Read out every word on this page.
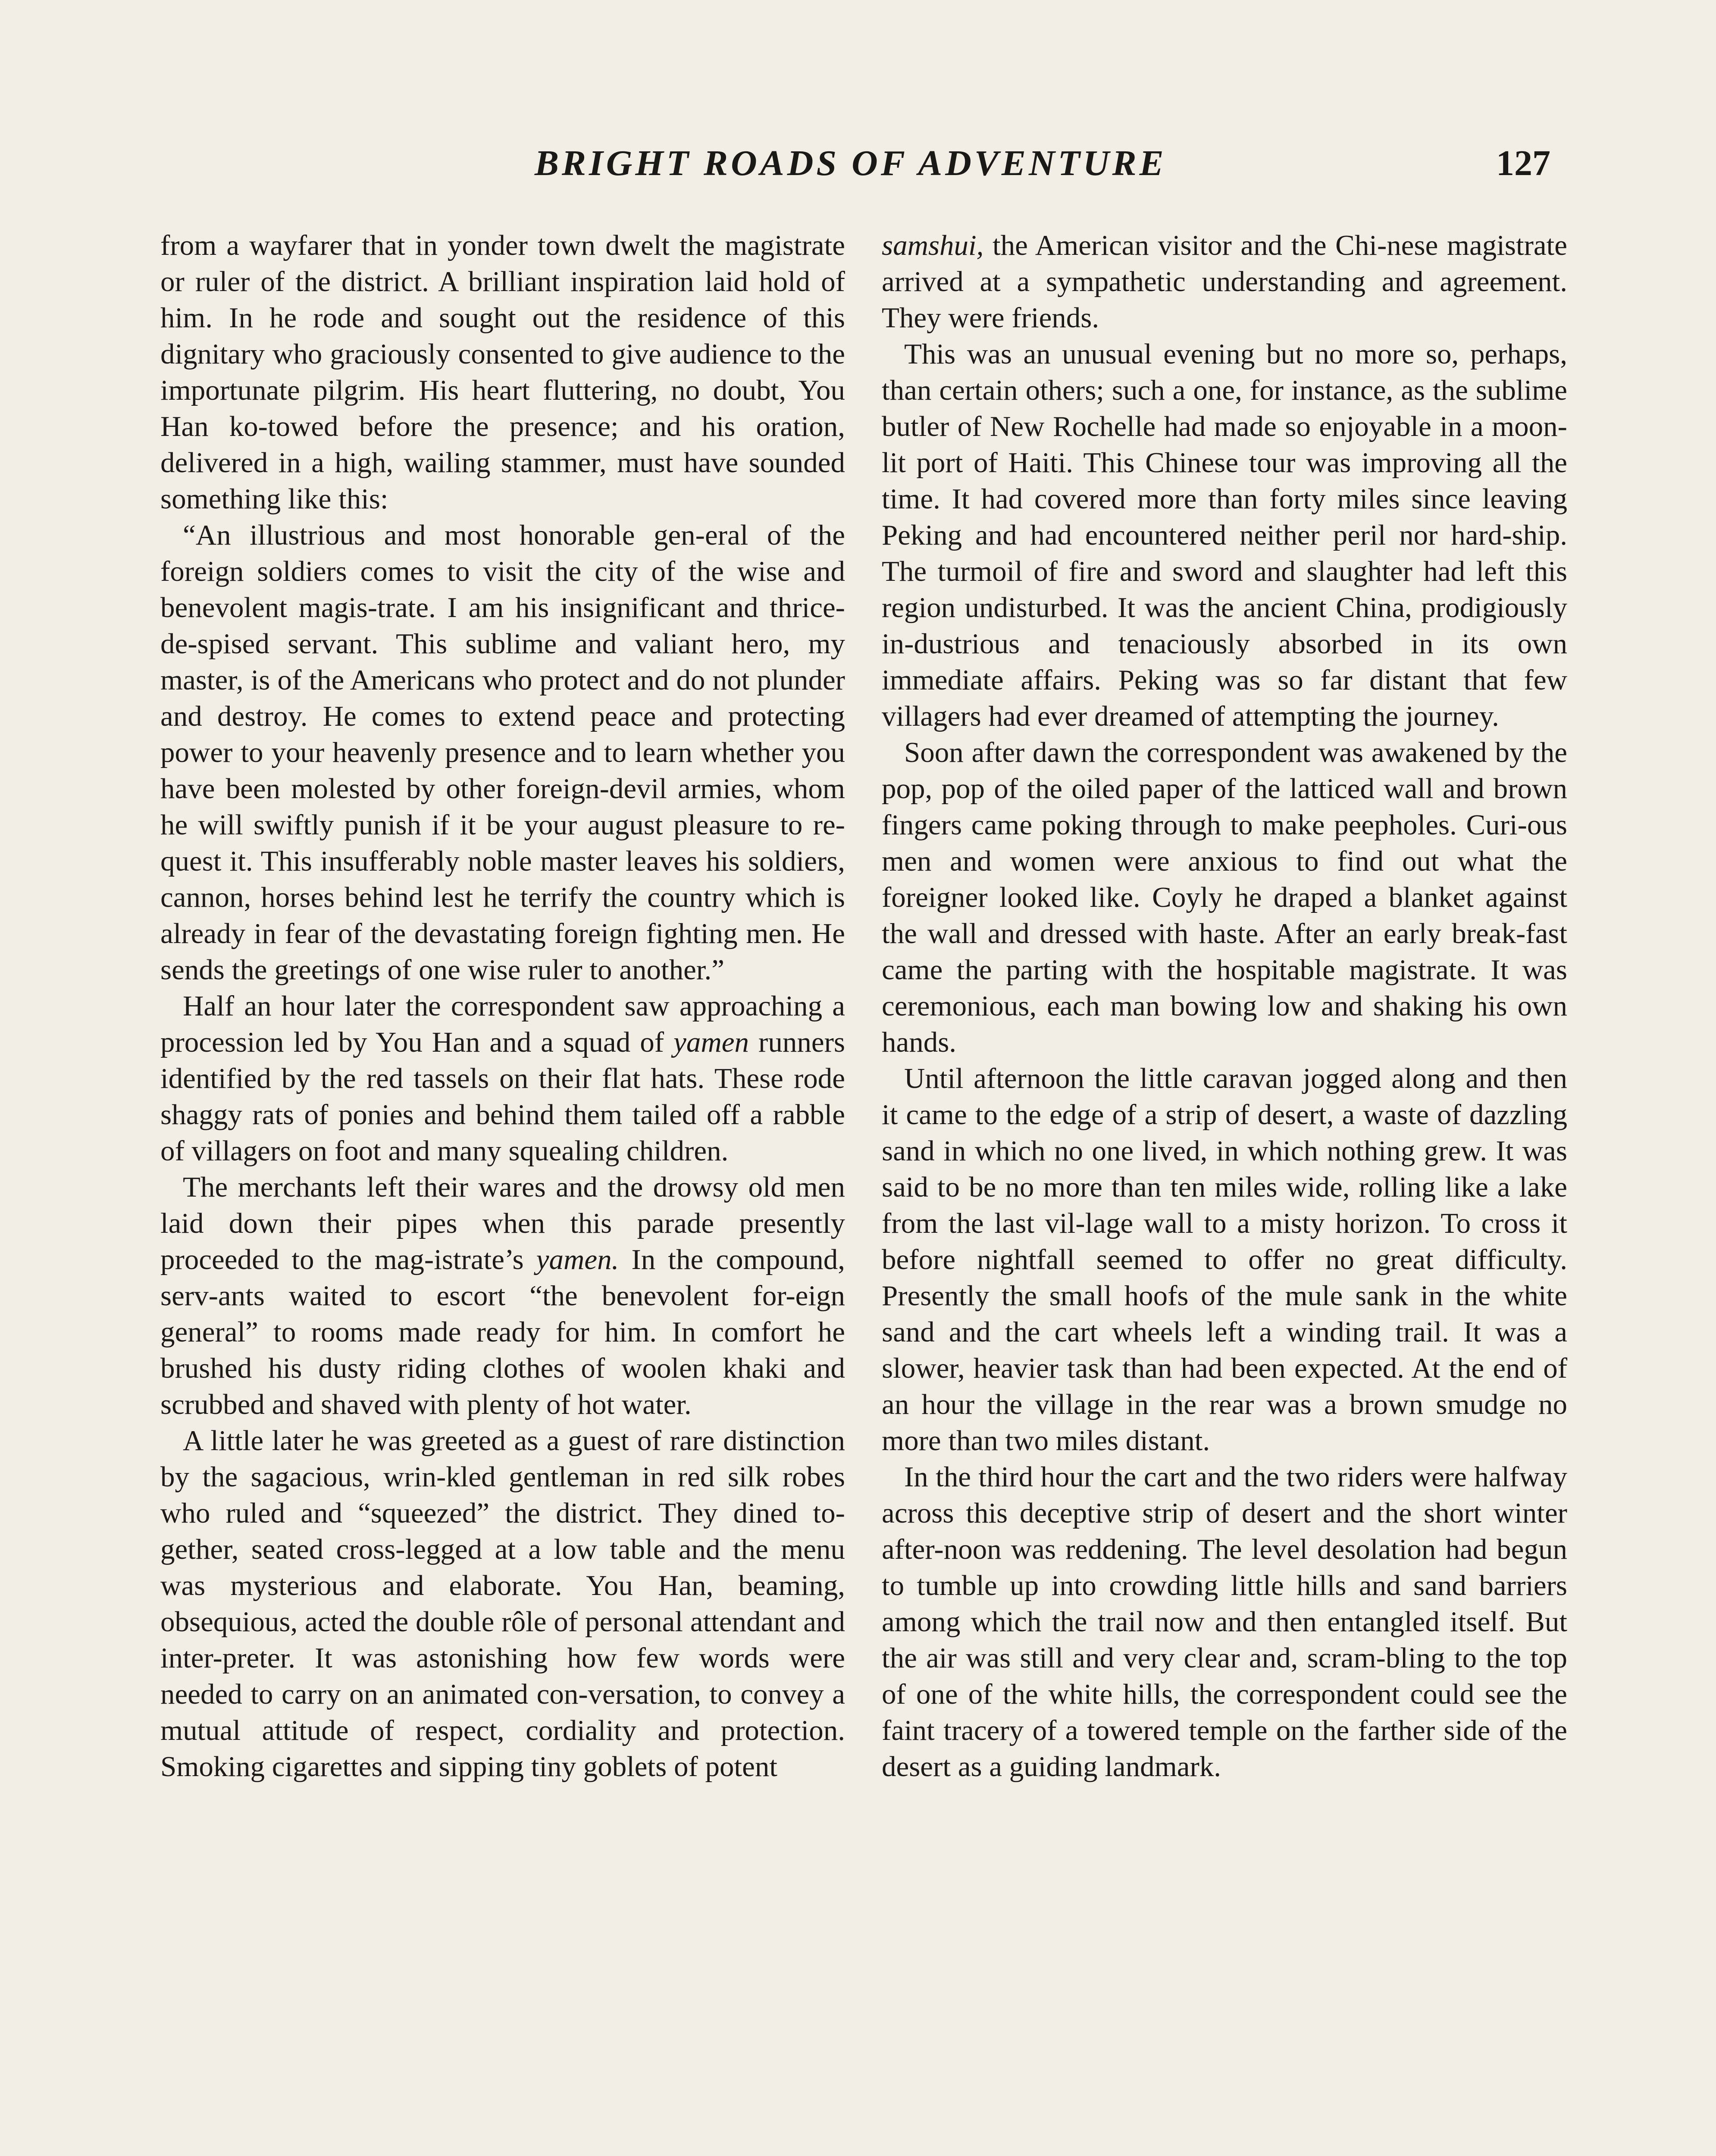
BRIGHT ROADS OF ADVENTURE	127

from a wayfarer that in yonder town dwelt the magistrate or ruler of the district. A brilliant inspiration laid hold of him. In he rode and sought out the residence of this dignitary who graciously consented to give audience to the importunate pilgrim. His heart fluttering, no doubt, You Han ko-towed before the presence; and his oration, delivered in a high, wailing stammer, must have sounded something like this:

“An illustrious and most honorable gen-eral of the foreign soldiers comes to visit the city of the wise and benevolent magis-trate. I am his insignificant and thrice-de-spised servant. This sublime and valiant hero, my master, is of the Americans who protect and do not plunder and destroy. He comes to extend peace and protecting power to your heavenly presence and to learn whether you have been molested by other foreign-devil armies, whom he will swiftly punish if it be your august pleasure to re-quest it. This insufferably noble master leaves his soldiers, cannon, horses behind lest he terrify the country which is already in fear of the devastating foreign fighting men. He sends the greetings of one wise ruler to another.”

Half an hour later the correspondent saw approaching a procession led by You Han and a squad of yamen runners identified by the red tassels on their flat hats. These rode shaggy rats of ponies and behind them tailed off a rabble of villagers on foot and many squealing children.

The merchants left their wares and the drowsy old men laid down their pipes when this parade presently proceeded to the mag-istrate’s yamen. In the compound, serv-ants waited to escort “the benevolent for-eign general” to rooms made ready for him. In comfort he brushed his dusty riding clothes of woolen khaki and scrubbed and shaved with plenty of hot water.

A little later he was greeted as a guest of rare distinction by the sagacious, wrin-kled gentleman in red silk robes who ruled and “squeezed” the district. They dined to-gether, seated cross-legged at a low table and the menu was mysterious and elaborate. You Han, beaming, obsequious, acted the double rôle of personal attendant and inter-preter. It was astonishing how few words were needed to carry on an animated con-versation, to convey a mutual attitude of respect, cordiality and protection. Smoking cigarettes and sipping tiny goblets of potent

samshui, the American visitor and the Chi-nese magistrate arrived at a sympathetic understanding and agreement. They were friends.

This was an unusual evening but no more so, perhaps, than certain others; such a one, for instance, as the sublime butler of New Rochelle had made so enjoyable in a moon-lit port of Haiti. This Chinese tour was improving all the time. It had covered more than forty miles since leaving Peking and had encountered neither peril nor hard-ship. The turmoil of fire and sword and slaughter had left this region undisturbed. It was the ancient China, prodigiously in-dustrious and tenaciously absorbed in its own immediate affairs. Peking was so far distant that few villagers had ever dreamed of attempting the journey.

Soon after dawn the correspondent was awakened by the pop, pop of the oiled paper of the latticed wall and brown fingers came poking through to make peepholes. Curi-ous men and women were anxious to find out what the foreigner looked like. Coyly he draped a blanket against the wall and dressed with haste. After an early break-fast came the parting with the hospitable magistrate. It was ceremonious, each man bowing low and shaking his own hands.

Until afternoon the little caravan jogged along and then it came to the edge of a strip of desert, a waste of dazzling sand in which no one lived, in which nothing grew. It was said to be no more than ten miles wide, rolling like a lake from the last vil-lage wall to a misty horizon. To cross it before nightfall seemed to offer no great difficulty. Presently the small hoofs of the mule sank in the white sand and the cart wheels left a winding trail. It was a slower, heavier task than had been expected. At the end of an hour the village in the rear was a brown smudge no more than two miles distant.

In the third hour the cart and the two riders were halfway across this deceptive strip of desert and the short winter after-noon was reddening. The level desolation had begun to tumble up into crowding little hills and sand barriers among which the trail now and then entangled itself. But the air was still and very clear and, scram-bling to the top of one of the white hills, the correspondent could see the faint tracery of a towered temple on the farther side of the desert as a guiding landmark.
